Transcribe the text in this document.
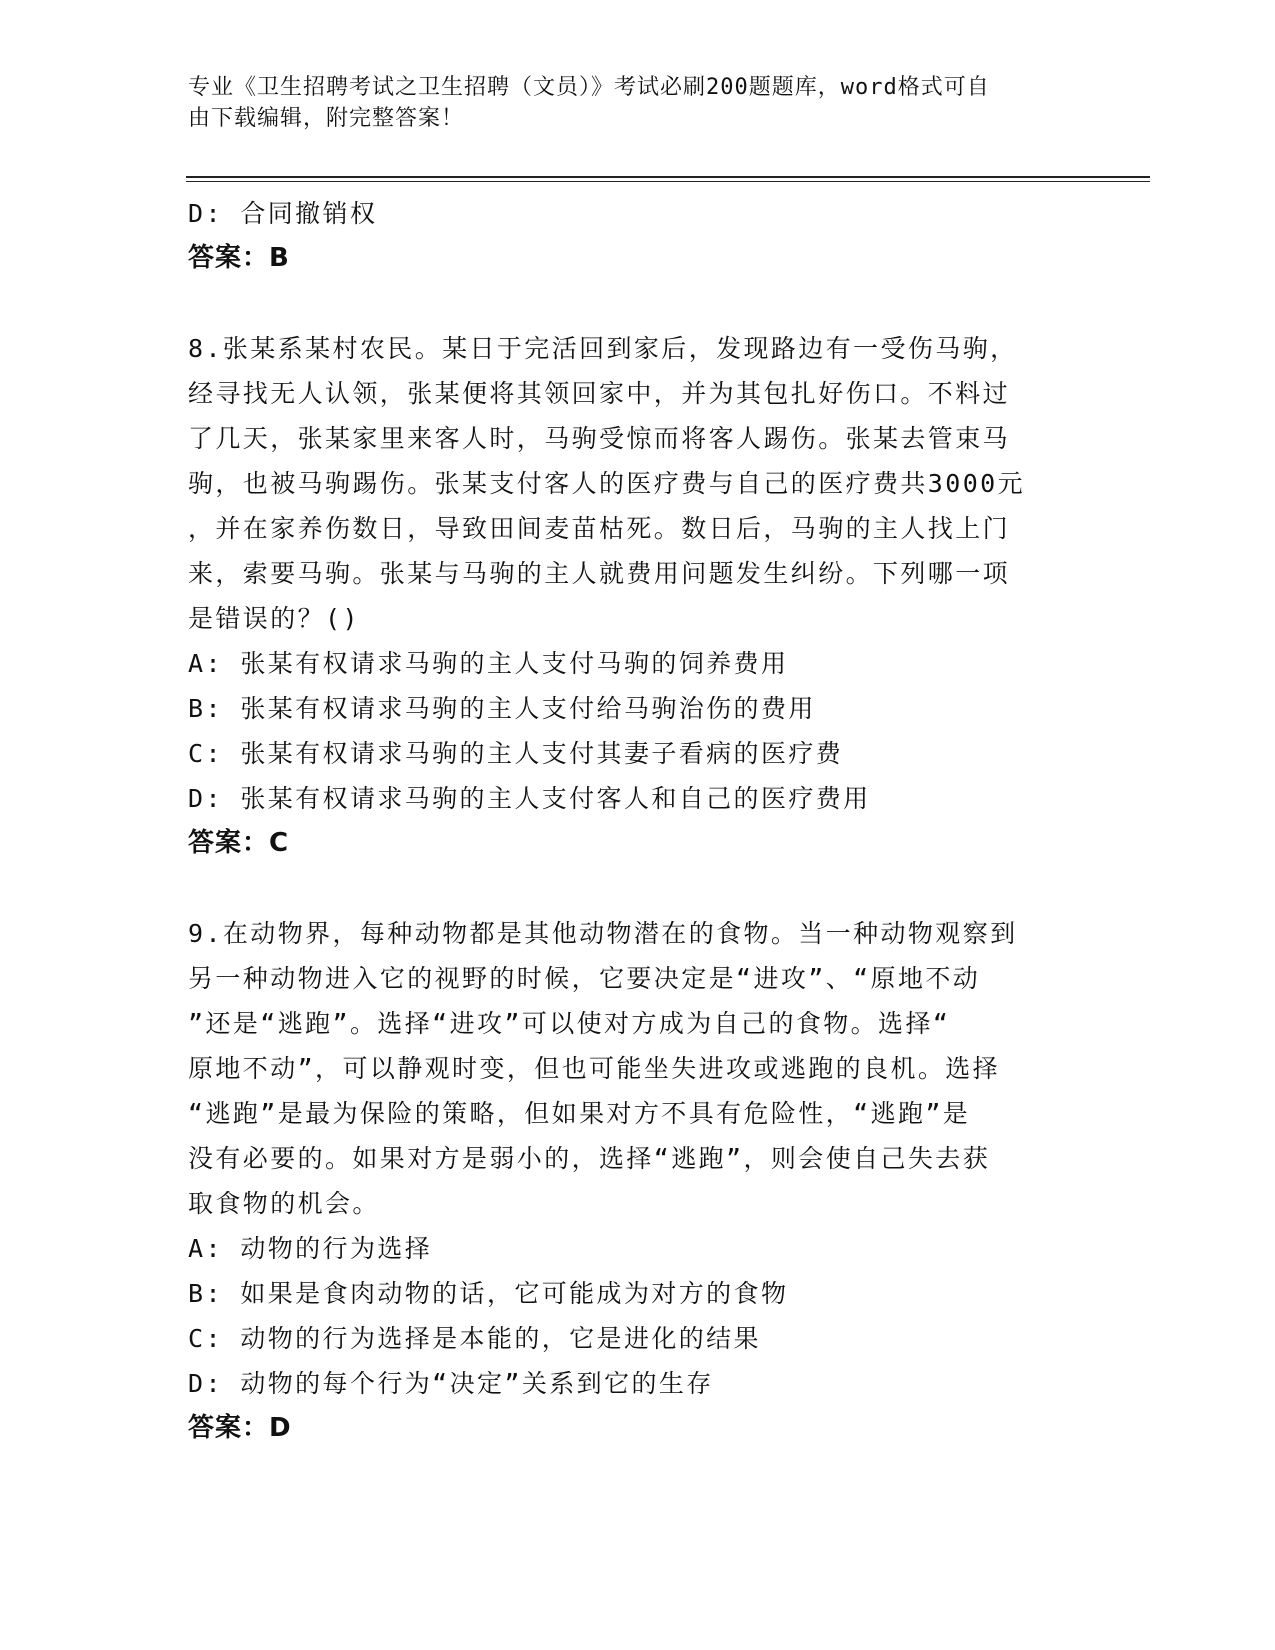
专业《卫生招聘考试之卫生招聘（文员）》考试必刷200题题库，word格式可自
由下载编辑，附完整答案！
D: 合同撤销权
答案：B
8.张某系某村农民。某日于完活回到家后，发现路边有一受伤马驹，
经寻找无人认领，张某便将其领回家中，并为其包扎好伤口。不料过
了几天，张某家里来客人时，马驹受惊而将客人踢伤。张某去管束马
驹，也被马驹踢伤。张某支付客人的医疗费与自己的医疗费共3000元
，并在家养伤数日，导致田间麦苗枯死。数日后，马驹的主人找上门
来，索要马驹。张某与马驹的主人就费用问题发生纠纷。下列哪一项
是错误的？()
A: 张某有权请求马驹的主人支付马驹的饲养费用
B: 张某有权请求马驹的主人支付给马驹治伤的费用
C: 张某有权请求马驹的主人支付其妻子看病的医疗费
D: 张某有权请求马驹的主人支付客人和自己的医疗费用
答案：C
9.在动物界，每种动物都是其他动物潜在的食物。当一种动物观察到
另一种动物进入它的视野的时候，它要决定是“进攻”、“原地不动
”还是“逃跑”。选择“进攻”可以使对方成为自己的食物。选择“
原地不动”，可以静观时变，但也可能坐失进攻或逃跑的良机。选择
“逃跑”是最为保险的策略，但如果对方不具有危险性，“逃跑”是
没有必要的。如果对方是弱小的，选择“逃跑”，则会使自己失去获
取食物的机会。
A: 动物的行为选择
B: 如果是食肉动物的话，它可能成为对方的食物
C: 动物的行为选择是本能的，它是进化的结果
D: 动物的每个行为“决定”关系到它的生存
答案：D
